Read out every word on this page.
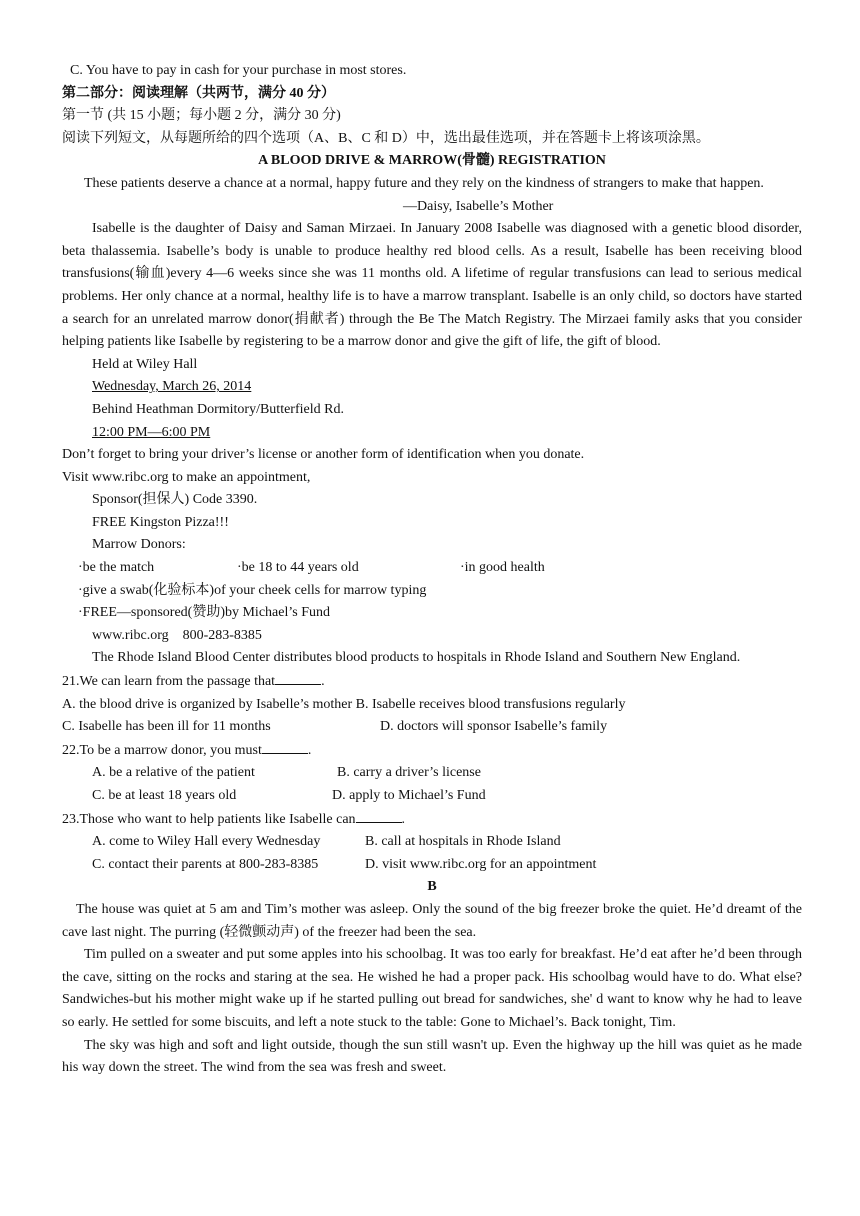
C. You have to pay in cash for your purchase in most stores.

第二部分：阅读理解（共两节，满分 40 分）

第一节 (共 15 小题；每小题 2 分，满分 30 分)

阅读下列短文，从每题所给的四个选项（A、B、C 和 D）中，选出最佳选项，并在答题卡上将该项涂黑。

A BLOOD DRIVE & MARROW(骨髓) REGISTRATION

These patients deserve a chance at a normal, happy future and they rely on the kindness of strangers to make that happen.

—Daisy, Isabelle’s Mother

Isabelle is the daughter of Daisy and Saman Mirzaei. In January 2008 Isabelle was diagnosed with a genetic blood disorder, beta thalassemia. Isabelle’s body is unable to produce healthy red blood cells. As a result, Isabelle has been receiving blood transfusions(输血)every 4—6 weeks since she was 11 months old. A lifetime of regular transfusions can lead to serious medical problems. Her only chance at a normal, healthy life is to have a marrow transplant. Isabelle is an only child, so doctors have started a search for an unrelated marrow donor(捐献者) through the Be The Match Registry. The Mirzaei family asks that you consider helping patients like Isabelle by registering to be a marrow donor and give the gift of life, the gift of blood.

Held at Wiley Hall

Wednesday, March 26, 2014

Behind Heathman Dormitory/Butterfield Rd.

12:00 PM—6:00 PM

Don’t forget to bring your driver’s license or another form of identification when you donate.

Visit www.ribc.org to make an appointment,

Sponsor(担保人) Code 3390.

FREE Kingston Pizza!!!

Marrow Donors:

·be the match	·be 18 to 44 years old	·in good health

·give a swab(化验标本)of your cheek cells for marrow typing

·FREE—sponsored(赞助)by Michael’s Fund

www.ribc.org 800-283-8385

The Rhode Island Blood Center distributes blood products to hospitals in Rhode Island and Southern New England.

21.We can learn from the passage that	.

A. the blood drive is organized by Isabelle’s mother B. Isabelle receives blood transfusions regularly

C. Isabelle has been ill for 11 months	D. doctors will sponsor Isabelle’s family

22.To be a marrow donor, you must	.

A. be a relative of the patient	B. carry a driver’s license
C. be at least 18 years old	D. apply to Michael’s Fund

23.Those who want to help patients like Isabelle can	.

A. come to Wiley Hall every Wednesday	B. call at hospitals in Rhode Island
C. contact their parents at 800-283-8385	D. visit www.ribc.org for an appointment

B

The house was quiet at 5 am and Tim’s mother was asleep. Only the sound of the big freezer broke the quiet. He’d dreamt of the cave last night. The purring (轻微颤动声) of the freezer had been the sea.

Tim pulled on a sweater and put some apples into his schoolbag. It was too early for breakfast. He’d eat after he’d been through the cave, sitting on the rocks and staring at the sea. He wished he had a proper pack. His schoolbag would have to do. What else? Sandwiches-but his mother might wake up if he started pulling out bread for sandwiches, she' d want to know why he had to leave so early. He settled for some biscuits, and left a note stuck to the table: Gone to Michael’s. Back tonight, Tim.

The sky was high and soft and light outside, though the sun still wasn't up. Even the highway up the hill was quiet as he made his way down the street. The wind from the sea was fresh and sweet.
